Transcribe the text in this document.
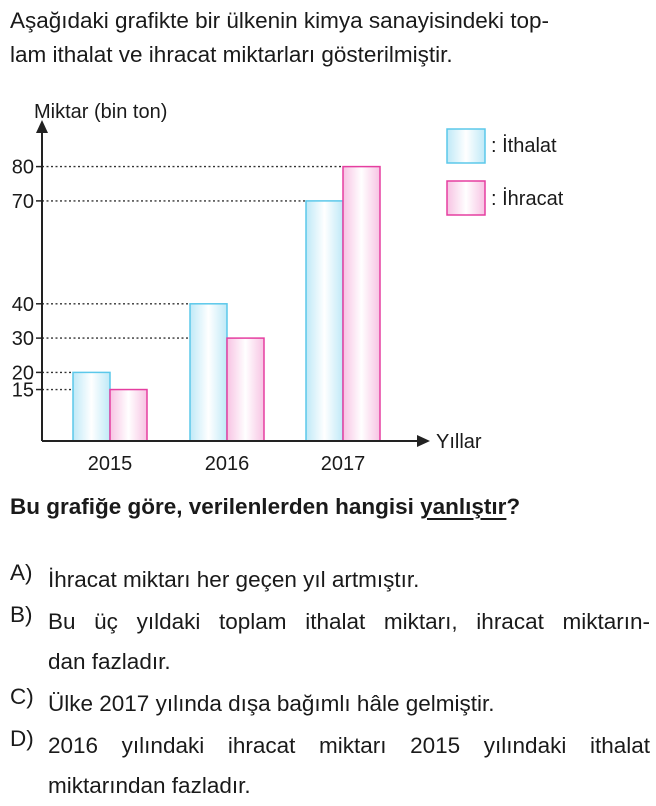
Aşağıdaki grafikte bir ülkenin kimya sanayisindeki top-
lam ithalat ve ihracat miktarları gösterilmiştir.
Miktar (bin ton)
Yıllar
15
20
30
40
70
80
2015	2016	2017
: İthalat
: İhracat
Bu grafiğe göre, verilenlerden hangisi yanlıştır?
A) İhracat miktarı her geçen yıl artmıştır.
B) Bu üç yıldaki toplam ithalat miktarı, ihracat miktarın-
dan fazladır.
C) Ülke 2017 yılında dışa bağımlı hâle gelmiştir.
D) 2016 yılındaki ihracat miktarı 2015 yılındaki ithalat
miktarından fazladır.
